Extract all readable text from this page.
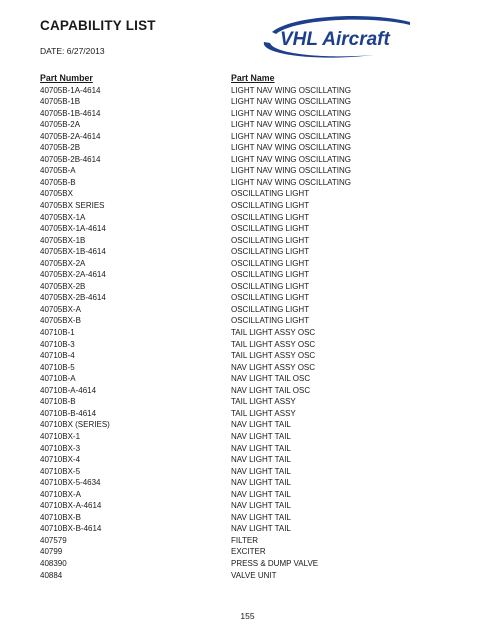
CAPABILITY LIST
DATE: 6/27/2013
VHL Aircraft
Part Number	Part Name
40705B-1A-4614	LIGHT NAV WING OSCILLATING
40705B-1B	LIGHT NAV WING OSCILLATING
40705B-1B-4614	LIGHT NAV WING OSCILLATING
40705B-2A	LIGHT NAV WING OSCILLATING
40705B-2A-4614	LIGHT NAV WING OSCILLATING
40705B-2B	LIGHT NAV WING OSCILLATING
40705B-2B-4614	LIGHT NAV WING OSCILLATING
40705B-A	LIGHT NAV WING OSCILLATING
40705B-B	LIGHT NAV WING OSCILLATING
40705BX	OSCILLATING LIGHT
40705BX SERIES	OSCILLATING LIGHT
40705BX-1A	OSCILLATING LIGHT
40705BX-1A-4614	OSCILLATING LIGHT
40705BX-1B	OSCILLATING LIGHT
40705BX-1B-4614	OSCILLATING LIGHT
40705BX-2A	OSCILLATING LIGHT
40705BX-2A-4614	OSCILLATING LIGHT
40705BX-2B	OSCILLATING LIGHT
40705BX-2B-4614	OSCILLATING LIGHT
40705BX-A	OSCILLATING LIGHT
40705BX-B	OSCILLATING LIGHT
40710B-1	TAIL LIGHT ASSY OSC
40710B-3	TAIL LIGHT ASSY OSC
40710B-4	TAIL LIGHT ASSY OSC
40710B-5	NAV LIGHT ASSY OSC
40710B-A	NAV LIGHT TAIL OSC
40710B-A-4614	NAV LIGHT TAIL OSC
40710B-B	TAIL LIGHT ASSY
40710B-B-4614	TAIL LIGHT ASSY
40710BX (SERIES)	NAV LIGHT TAIL
40710BX-1	NAV LIGHT TAIL
40710BX-3	NAV LIGHT TAIL
40710BX-4	NAV LIGHT TAIL
40710BX-5	NAV LIGHT TAIL
40710BX-5-4634	NAV LIGHT TAIL
40710BX-A	NAV LIGHT TAIL
40710BX-A-4614	NAV LIGHT TAIL
40710BX-B	NAV LIGHT TAIL
40710BX-B-4614	NAV LIGHT TAIL
407579	FILTER
40799	EXCITER
408390	PRESS & DUMP VALVE
40884	VALVE UNIT
155
